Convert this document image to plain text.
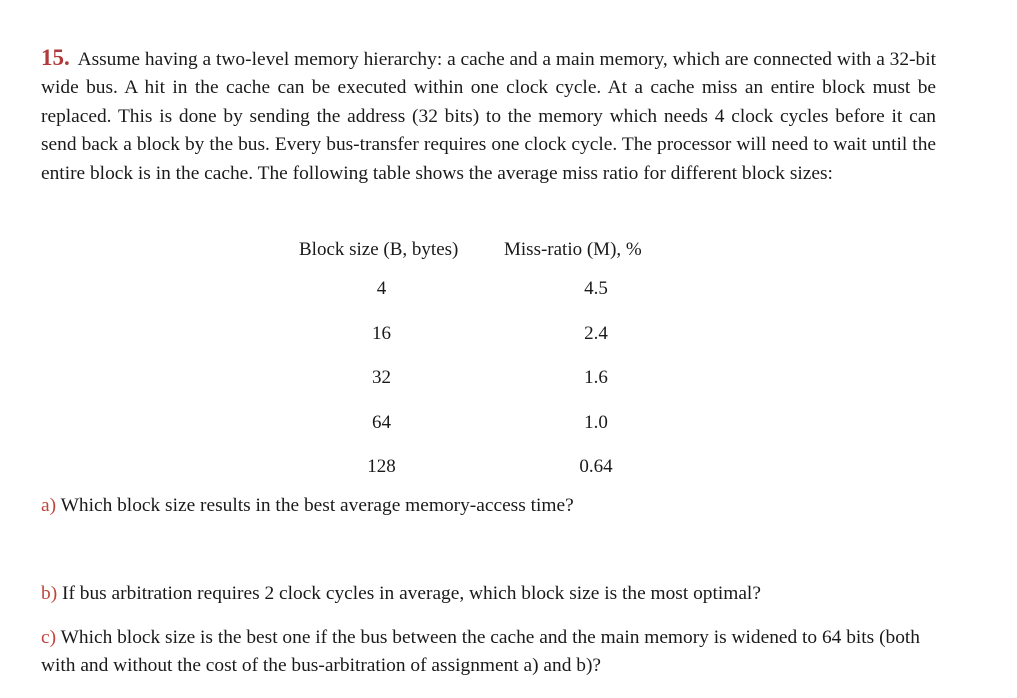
15. Assume having a two-level memory hierarchy: a cache and a main memory, which are connected with a 32-bit wide bus. A hit in the cache can be executed within one clock cycle. At a cache miss an entire block must be replaced. This is done by sending the address (32 bits) to the memory which needs 4 clock cycles before it can send back a block by the bus. Every bus-transfer requires one clock cycle. The processor will need to wait until the entire block is in the cache. The following table shows the average miss ratio for different block sizes:

Block size (B, bytes)	Miss-ratio (M), %
4	4.5
16	2.4
32	1.6
64	1.0
128	0.64

a) Which block size results in the best average memory-access time?

b) If bus arbitration requires 2 clock cycles in average, which block size is the most optimal?

c) Which block size is the best one if the bus between the cache and the main memory is widened to 64 bits (both with and without the cost of the bus-arbitration of assignment a) and b)?
